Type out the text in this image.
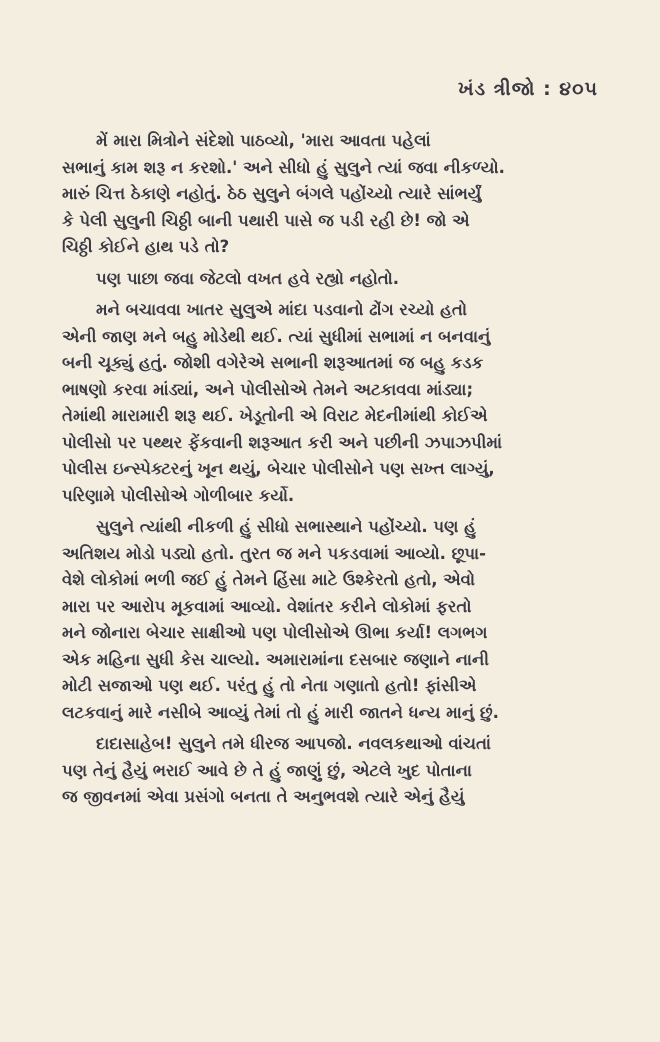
ખંડ ત્રીજો : ૪૦૫
મેં મારા મિત્રોને સંદેશો પાઠવ્યો, 'મારા આવતા પહેલાં
સભાનું કામ શરૂ ન કરશો.' અને સીધો હું સુલુને ત્યાં જવા નીકળ્યો.
મારું ચિત્ત ઠેકાણે નહોતું. ઠેઠ સુલુને બંગલે પહોંચ્યો ત્યારે સાંભર્યું
કે પેલી સુલુની ચિઠ્ઠી બાની પથારી પાસે જ પડી રહી છે! જો એ
ચિઠ્ઠી કોઈને હાથ પડે તો?
પણ પાછા જવા જેટલો વખત હવે રહ્યો નહોતો.
મને બચાવવા ખાતર સુલુએ માંદા પડવાનો ઢોંગ રચ્યો હતો
એની જાણ મને બહુ મોડેથી થઈ. ત્યાં સુધીમાં સભામાં ન બનવાનું
બની ચૂક્યું હતું. જોશી વગેરેએ સભાની શરૂઆતમાં જ બહુ કડક
ભાષણો કરવા માંડ્યાં, અને પોલીસોએ તેમને અટકાવવા માંડ્યા;
તેમાંથી મારામારી શરૂ થઈ. ખેડૂતોની એ વિરાટ મેદનીમાંથી કોઈએ
પોલીસો પર પથ્થર ફેંકવાની શરૂઆત કરી અને પછીની ઝપાઝપીમાં
પોલીસ ઇન્સ્પેક્ટરનું ખૂન થયું, બેચાર પોલીસોને પણ સખ્ત લાગ્યું,
પરિણામે પોલીસોએ ગોળીબાર કર્યો.
સુલુને ત્યાંથી નીકળી હું સીધો સભાસ્થાને પહોંચ્યો. પણ હું
અતિશય મોડો પડ્યો હતો. તુરત જ મને પકડવામાં આવ્યો. છૂપા-
વેશે લોકોમાં ભળી જઈ હું તેમને હિંસા માટે ઉશ્કેરતો હતો, એવો
મારા પર આરોપ મૂકવામાં આવ્યો. વેશાંતર કરીને લોકોમાં ફરતો
મને જોનારા બેચાર સાક્ષીઓ પણ પોલીસોએ ઊભા કર્યા! લગભગ
એક મહિના સુધી કેસ ચાલ્યો. અમારામાંના દસબાર જણાને નાની
મોટી સજાઓ પણ થઈ. પરંતુ હું તો નેતા ગણાતો હતો! ફાંસીએ
લટકવાનું મારે નસીબે આવ્યું તેમાં તો હું મારી જાતને ધન્ય માનું છું.
દાદાસાહેબ! સુલુને તમે ધીરજ આપજો. નવલકથાઓ વાંચતાં
પણ તેનું હૈયું ભરાઈ આવે છે તે હું જાણું છું, એટલે ખુદ પોતાના
જ જીવનમાં એવા પ્રસંગો બનતા તે અનુભવશે ત્યારે એનું હૈયું
